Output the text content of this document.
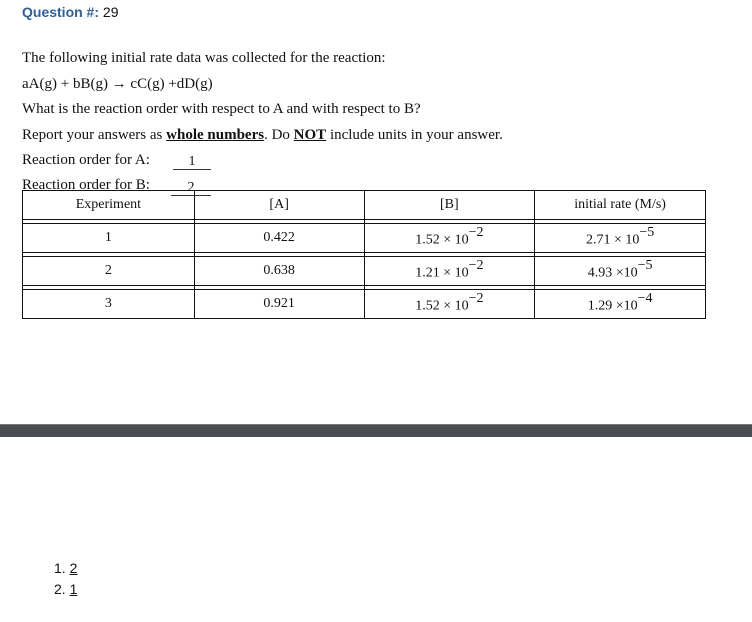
Question #: 29
The following initial rate data was collected for the reaction:
aA(g) + bB(g) → cC(g) +dD(g)
What is the reaction order with respect to A and with respect to B?
Report your answers as whole numbers. Do NOT include units in your answer.
Reaction order for A:	1
Reaction order for B:	2
Experiment	[A]	[B]	initial rate (M/s)

1	0.422	$1.52 \times 10^{-2}$	$2.71 \times 10^{-5}$

2	0.638	$1.21 \times 10^{-2}$	$4.93 \times 10^{-5}$

3	0.921	$1.52 \times 10^{-2}$	$1.29 \times 10^{-4}$
1. 2
2. 1
